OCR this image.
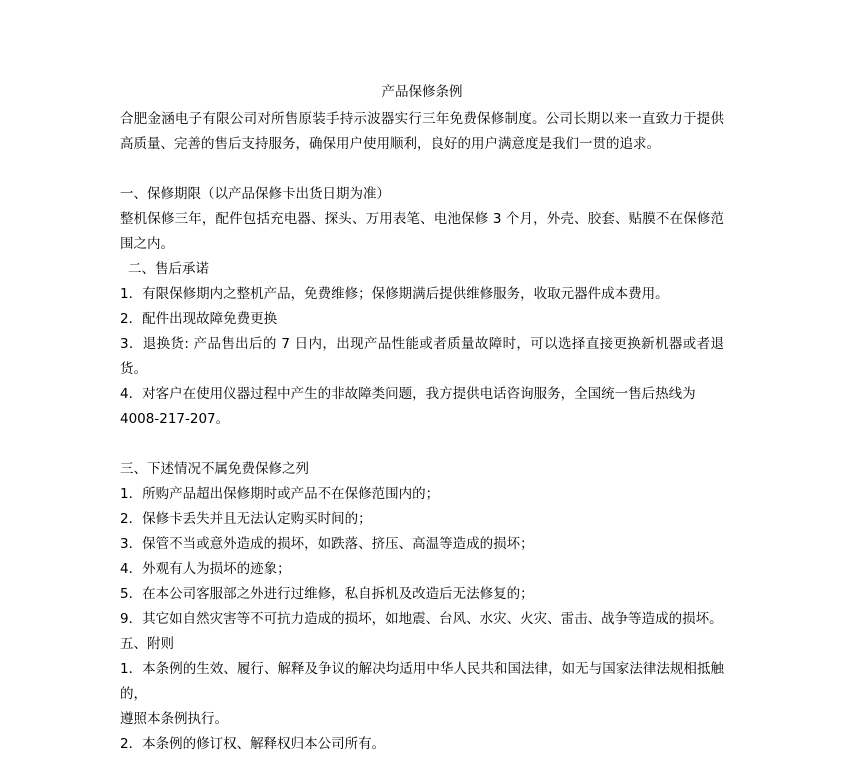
产品保修条例

合肥金涵电子有限公司对所售原装手持示波器实行三年免费保修制度。公司长期以来一直致力于提供高质量、完善的售后支持服务，确保用户使用顺利，良好的用户满意度是我们一贯的追求。

一、保修期限（以产品保修卡出货日期为准）

整机保修三年，配件包括充电器、探头、万用表笔、电池保修 3 个月，外壳、胶套、贴膜不在保修范围之内。

二、售后承诺

1．有限保修期内之整机产品，免费维修；保修期满后提供维修服务，收取元器件成本费用。

2．配件出现故障免费更换

3．退换货: 产品售出后的 7 日内，出现产品性能或者质量故障时，可以选择直接更换新机器或者退货。

4．对客户在使用仪器过程中产生的非故障类问题，我方提供电话咨询服务，全国统一售后热线为

4008-217-207。

三、下述情况不属免费保修之列

1．所购产品超出保修期时或产品不在保修范围内的；

2．保修卡丢失并且无法认定购买时间的；

3．保管不当或意外造成的损坏，如跌落、挤压、高温等造成的损坏；

4．外观有人为损坏的迹象；

5．在本公司客服部之外进行过维修，私自拆机及改造后无法修复的；

9．其它如自然灾害等不可抗力造成的损坏，如地震、台风、水灾、火灾、雷击、战争等造成的损坏。

五、附则

1．本条例的生效、履行、解释及争议的解决均适用中华人民共和国法律，如无与国家法律法规相抵触的，

遵照本条例执行。

2．本条例的修订权、解释权归本公司所有。
